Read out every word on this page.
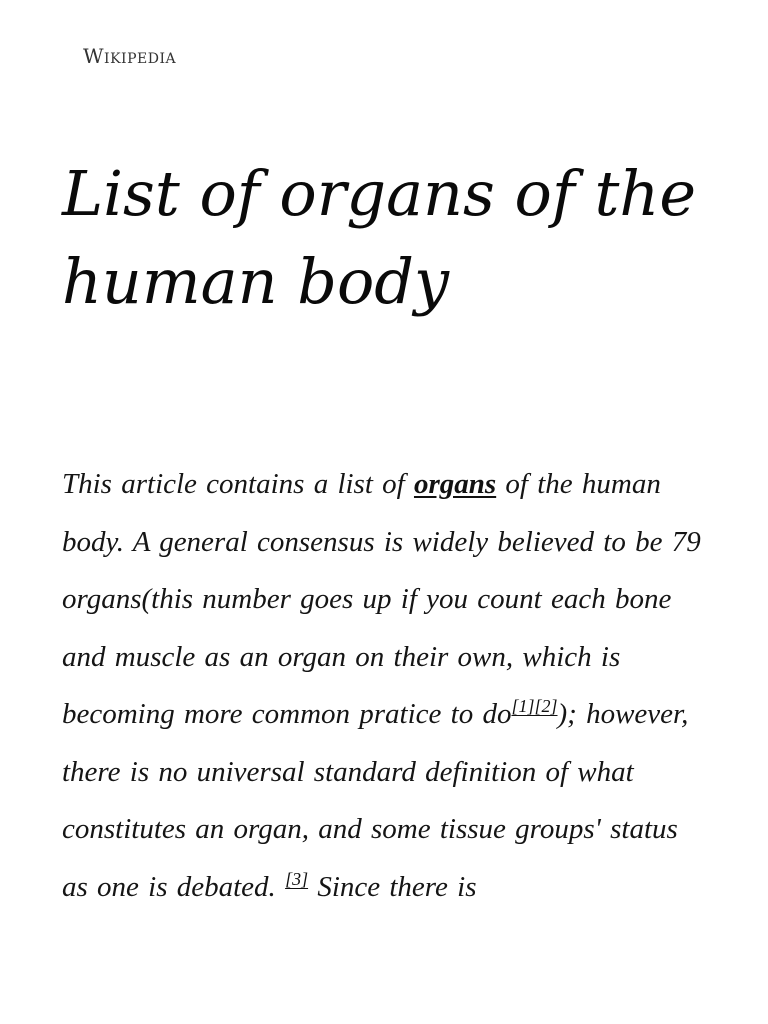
Wikipedia
List of organs of the human body

This article contains a list of organs of the human body. A general consensus is widely believed to be 79 organs(this number goes up if you count each bone and muscle as an organ on their own, which is becoming more common pratice to do[1][2]); however, there is no universal standard definition of what constitutes an organ, and some tissue groups' status as one is debated. [3] Since there is
